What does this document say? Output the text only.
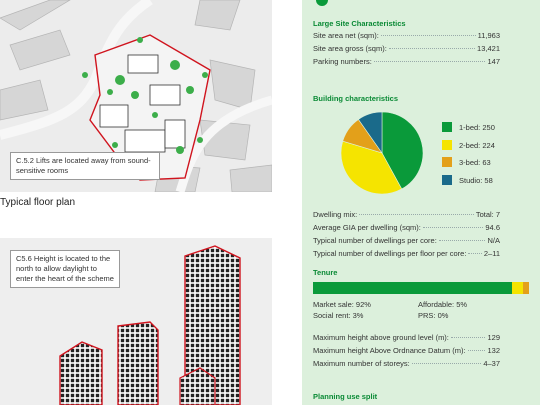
C.5.2 Lifts are located away from sound-sensitive rooms
Typical floor plan
C5.6 Height is located to the north to allow daylight to enter the heart of the scheme
Large Site Characteristics
Site area net (sqm):	11,963
Site area gross (sqm):	13,421
Parking numbers:	147
Building characteristics
1-bed: 250
2-bed: 224
3-bed: 63
Studio: 58
Dwelling mix:	Total: 7
Average GIA per dwelling (sqm):	94.6
Typical number of dwellings per core:	N/A
Typical number of dwellings per floor per core: 2–11
Tenure
Market sale: 92%	Affordable: 5%
Social rent: 3%	PRS: 0%
Maximum height above ground level (m):	129
Maximum height Above Ordnance Datum (m):	132
Maximum number of storeys:	4–37
Planning use split
